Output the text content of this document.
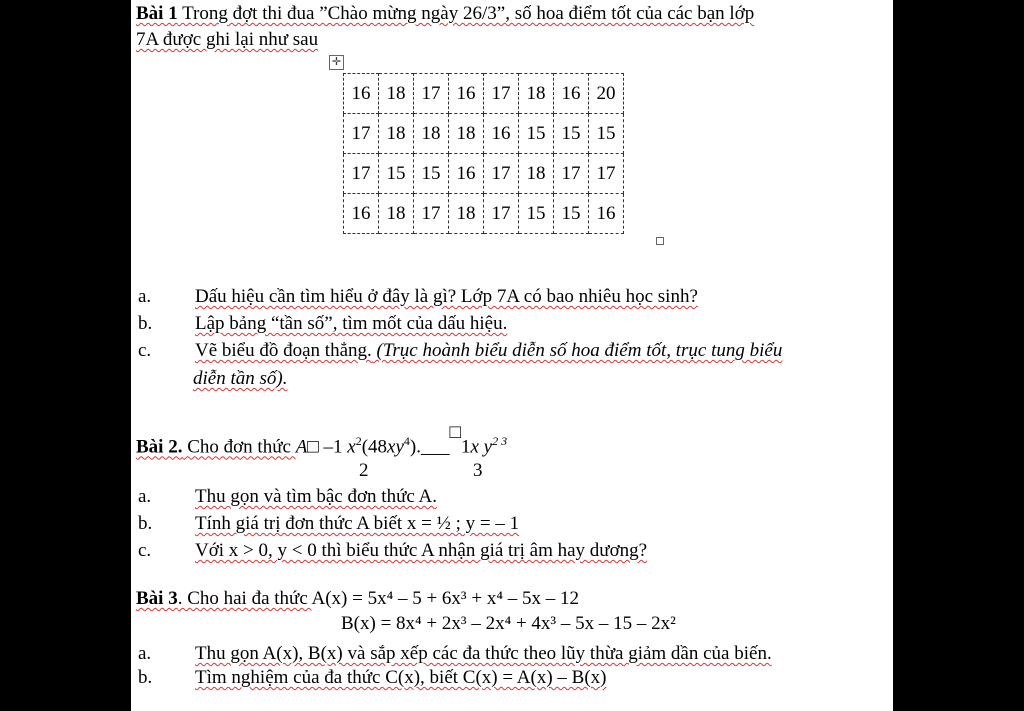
Bài 1 Trong đợt thi đua ”Chào mừng ngày 26/3”, số hoa điểm tốt của các bạn lớp
7A được ghi lại như sau
✛
16	18	17	16	17	18	16	20
17	18	18	18	16	15	15	15
17	15	15	16	17	18	17	17
16	18	17	18	17	15	15	16
a. Dấu hiệu cần tìm hiểu ở đây là gì? Lớp 7A có bao nhiêu học sinh?
b. Lập bảng “tần số”, tìm mốt của dấu hiệu.
c. Vẽ biểu đồ đoạn thẳng. (Trục hoành biểu diễn số hoa điểm tốt, trục tung biểu
diễn tần số).
Bài 2. Cho đơn thức A□ –1 $x^2(48xy^4).\_\_\_□1x$ $y^{2 3}$
2	3
a. Thu gọn và tìm bậc đơn thức A.
b. Tính giá trị đơn thức A biết x = ½ ; y = – 1
c. Với x > 0, y < 0 thì biểu thức A nhận giá trị âm hay dương?
Bài 3. Cho hai đa thức A(x) = 5x⁴ – 5 + 6x³ + x⁴ – 5x – 12
B(x) = 8x⁴ + 2x³ – 2x⁴ + 4x³ – 5x – 15 – 2x²
a. Thu gọn A(x), B(x) và sắp xếp các đa thức theo lũy thừa giảm dần của biến.
b. Tìm nghiệm của đa thức C(x), biết C(x) = A(x) – B(x)
